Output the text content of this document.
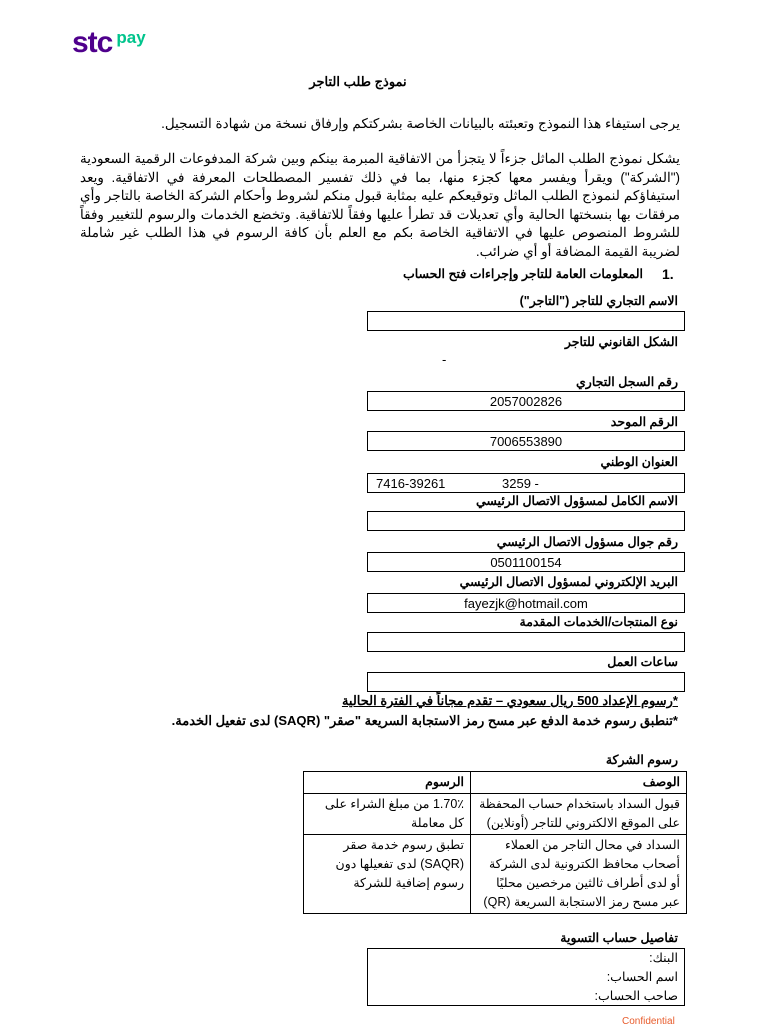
stc pay
نموذج طلب التاجر
يرجى استيفاء هذا النموذج وتعبئته بالبيانات الخاصة بشركتكم وإرفاق نسخة من شهادة التسجيل.
يشكل نموذج الطلب الماثل جزءاً لا يتجزأ من الاتفاقية المبرمة بينكم وبين شركة المدفوعات الرقمية السعودية ("الشركة") ويقرأ ويفسر معها كجزء منها، بما في ذلك تفسير المصطلحات المعرفة في الاتفاقية. ويعد استيفاؤكم لنموذج الطلب الماثل وتوقيعكم عليه بمثابة قبول منكم لشروط وأحكام الشركة الخاصة بالتاجر وأي مرفقات بها بنسختها الحالية وأي تعديلات قد تطرأ عليها وفقاً للاتفاقية. وتخضع الخدمات والرسوم للتغيير وفقاً للشروط المنصوص عليها في الاتفاقية الخاصة بكم مع العلم بأن كافة الرسوم في هذا الطلب غير شاملة لضريبة القيمة المضافة أو أي ضرائب.
1.
المعلومات العامة للتاجر وإجراءات فتح الحساب
الاسم التجاري للتاجر ("التاجر")
الشكل القانوني للتاجر
-
رقم السجل التجاري
2057002826
الرقم الموحد
7006553890
العنوان الوطني
7416-39261	3259 -
الاسم الكامل لمسؤول الاتصال الرئيسي
رقم جوال مسؤول الاتصال الرئيسي
0501100154
البريد الإلكتروني لمسؤول الاتصال الرئيسي
fayezjk@hotmail.com
نوع المنتجات/الخدمات المقدمة
ساعات العمل
*رسوم الإعداد 500 ريال سعودي – تقدم مجاناً في الفترة الحالية
*تنطبق رسوم خدمة الدفع عبر مسح رمز الاستجابة السريعة "صقر" (SAQR) لدى تفعيل الخدمة.
رسوم الشركة
الرسوم	الوصف
1.70٪ من مبلغ الشراء على كل معاملة	قبول السداد باستخدام حساب المحفظة على الموقع الالكتروني للتاجر (أونلاين)
تطبق رسوم خدمة صقر (SAQR) لدى تفعيلها دون رسوم إضافية للشركة	السداد في محال التاجر من العملاء أصحاب محافظ الكترونية لدى الشركة أو لدى أطراف ثالثين مرخصين محليًا عبر مسح رمز الاستجابة السريعة (QR)
تفاصيل حساب التسوية
البنك:
اسم الحساب:
صاحب الحساب:
Confidential
